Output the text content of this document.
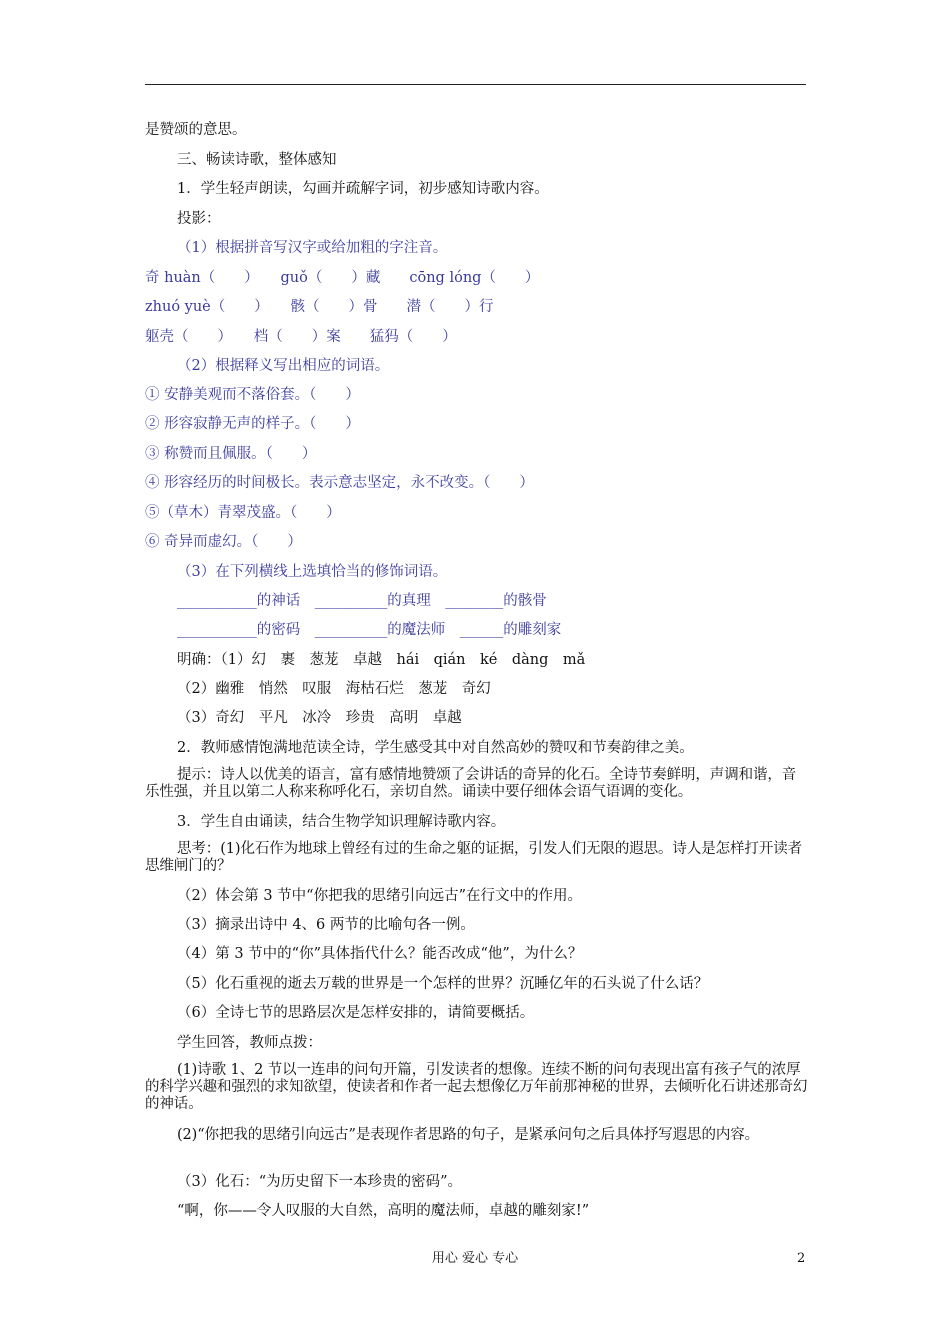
是赞颂的意思。
三、畅读诗歌，整体感知
1．学生轻声朗读，勾画并疏解字词，初步感知诗歌内容。
投影：
（1）根据拼音写汉字或给加粗的字注音。
奇 huàn（　　）　　guǒ（　　）藏　　cōng lóng（　　）
zhuó yuè（　　）　　骸（　　）骨　　潜（　　）行
躯壳（　　）　　档（　　）案　　猛犸（　　）
（2）根据释义写出相应的词语。
① 安静美观而不落俗套。（　　）
② 形容寂静无声的样子。（　　）
③ 称赞而且佩服。（　　）
④ 形容经历的时间极长。表示意志坚定，永不改变。（　　）
⑤（草木）青翠茂盛。（　　）
⑥ 奇异而虚幻。（　　）
（3）在下列横线上选填恰当的修饰词语。
___________的神话　__________的真理　________的骸骨
___________的密码　__________的魔法师　______的雕刻家
明确：（1）幻　裹　葱茏　卓越　hái　qián　ké　dàng　mǎ
（2）幽雅　悄然　叹服　海枯石烂　葱茏　奇幻
（3）奇幻　平凡　冰冷　珍贵　高明　卓越
2．教师感情饱满地范读全诗，学生感受其中对自然高妙的赞叹和节奏韵律之美。
提示：诗人以优美的语言，富有感情地赞颂了会讲话的奇异的化石。全诗节奏鲜明，声调和谐，音乐性强，并且以第二人称来称呼化石，亲切自然。诵读中要仔细体会语气语调的变化。
3．学生自由诵读，结合生物学知识理解诗歌内容。
思考：(1)化石作为地球上曾经有过的生命之躯的证据，引发人们无限的遐思。诗人是怎样打开读者思维闸门的？
（2）体会第 3 节中“你把我的思绪引向远古”在行文中的作用。
（3）摘录出诗中 4、6 两节的比喻句各一例。
（4）第 3 节中的“你”具体指代什么？能否改成“他”，为什么？
（5）化石重视的逝去万载的世界是一个怎样的世界？沉睡亿年的石头说了什么话？
（6）全诗七节的思路层次是怎样安排的，请简要概括。
学生回答，教师点拨：
(1)诗歌 1、2 节以一连串的问句开篇，引发读者的想像。连续不断的问句表现出富有孩子气的浓厚的科学兴趣和强烈的求知欲望，使读者和作者一起去想像亿万年前那神秘的世界，去倾听化石讲述那奇幻的神话。
(2)“你把我的思绪引向远古”是表现作者思路的句子，是紧承问句之后具体抒写遐思的内容。
（3）化石：“为历史留下一本珍贵的密码”。
“啊，你——令人叹服的大自然，高明的魔法师，卓越的雕刻家!”
用心 爱心 专心	2
